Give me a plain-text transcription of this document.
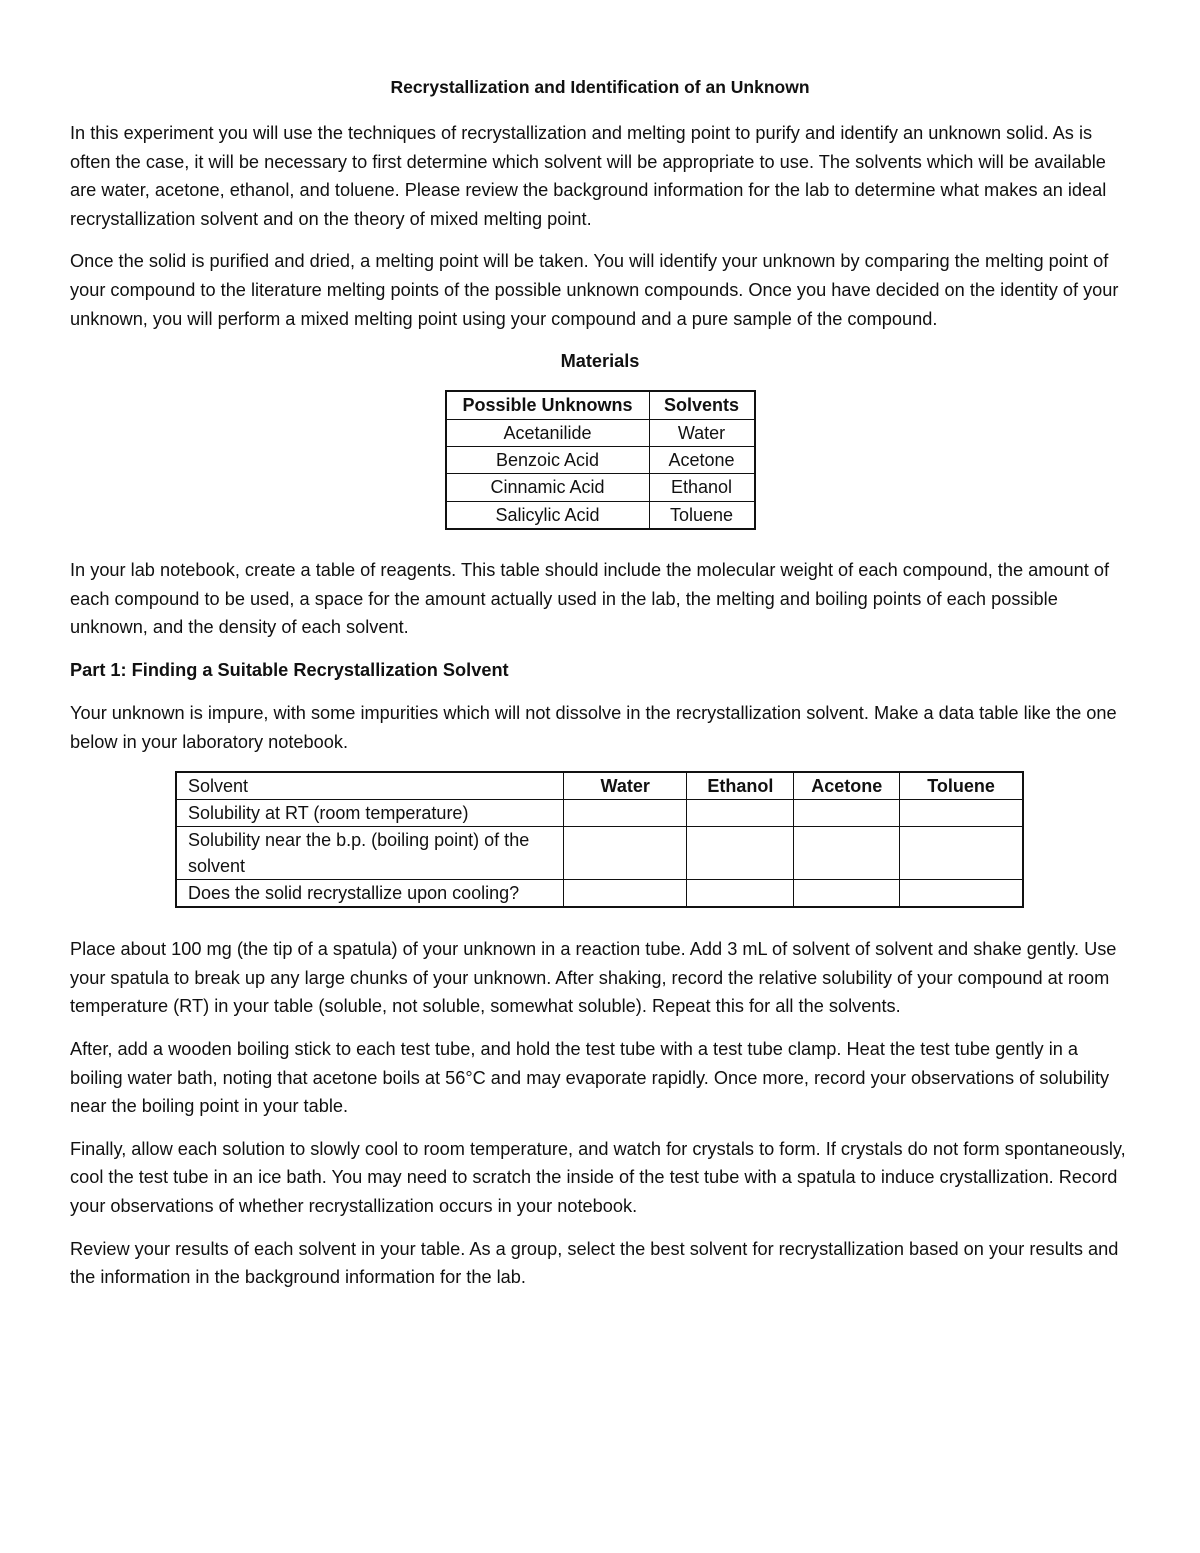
Recrystallization and Identification of an Unknown

In this experiment you will use the techniques of recrystallization and melting point to purify and identify an unknown solid. As is often the case, it will be necessary to first determine which solvent will be appropriate to use. The solvents which will be available are water, acetone, ethanol, and toluene. Please review the background information for the lab to determine what makes an ideal recrystallization solvent and on the theory of mixed melting point.

Once the solid is purified and dried, a melting point will be taken. You will identify your unknown by comparing the melting point of your compound to the literature melting points of the possible unknown compounds. Once you have decided on the identity of your unknown, you will perform a mixed melting point using your compound and a pure sample of the compound.

Materials
Possible Unknowns	Solvents
Acetanilide	Water
Benzoic Acid	Acetone
Cinnamic Acid	Ethanol
Salicylic Acid	Toluene

In your lab notebook, create a table of reagents. This table should include the molecular weight of each compound, the amount of each compound to be used, a space for the amount actually used in the lab, the melting and boiling points of each possible unknown, and the density of each solvent.

Part 1: Finding a Suitable Recrystallization Solvent

Your unknown is impure, with some impurities which will not dissolve in the recrystallization solvent. Make a data table like the one below in your laboratory notebook.

Solvent	Water	Ethanol	Acetone	Toluene
Solubility at RT (room temperature)				
Solubility near the b.p. (boiling point) of the solvent				
Does the solid recrystallize upon cooling?				

Place about 100 mg (the tip of a spatula) of your unknown in a reaction tube. Add 3 mL of solvent of solvent and shake gently. Use your spatula to break up any large chunks of your unknown. After shaking, record the relative solubility of your compound at room temperature (RT) in your table (soluble, not soluble, somewhat soluble). Repeat this for all the solvents.

After, add a wooden boiling stick to each test tube, and hold the test tube with a test tube clamp. Heat the test tube gently in a boiling water bath, noting that acetone boils at 56°C and may evaporate rapidly. Once more, record your observations of solubility near the boiling point in your table.

Finally, allow each solution to slowly cool to room temperature, and watch for crystals to form. If crystals do not form spontaneously, cool the test tube in an ice bath. You may need to scratch the inside of the test tube with a spatula to induce crystallization. Record your observations of whether recrystallization occurs in your notebook.

Review your results of each solvent in your table. As a group, select the best solvent for recrystallization based on your results and the information in the background information for the lab.
